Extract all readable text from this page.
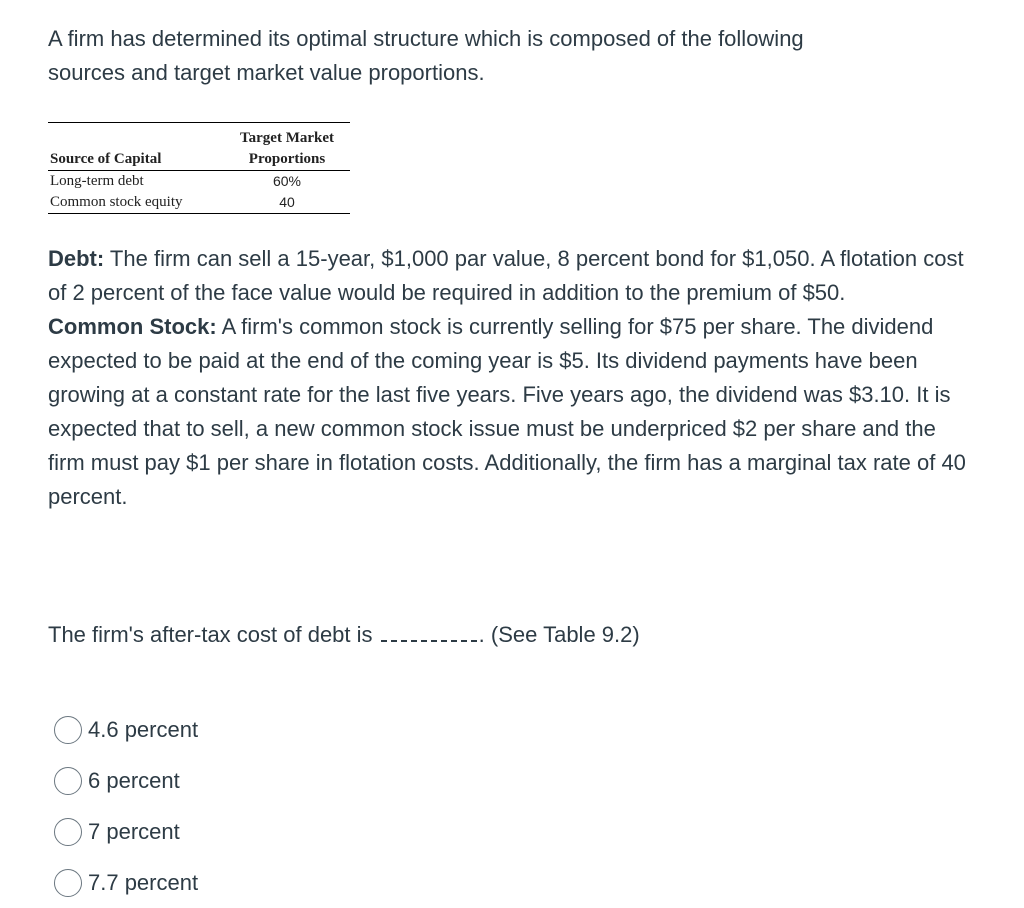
A firm has determined its optimal structure which is composed of the following
sources and target market value proportions.

Source of Capital	Target Market
Proportions
Long-term debt	60%
Common stock equity	40

Debt: The firm can sell a 15-year, $1,000 par value, 8 percent bond for $1,050. A flotation cost of 2 percent of the face value would be required in addition to the premium of $50.

Common Stock: A firm's common stock is currently selling for $75 per share. The dividend expected to be paid at the end of the coming year is $5. Its dividend payments have been growing at a constant rate for the last five years. Five years ago, the dividend was $3.10. It is expected that to sell, a new common stock issue must be underpriced $2 per share and the firm must pay $1 per share in flotation costs. Additionally, the firm has a marginal tax rate of 40 percent.

The firm's after-tax cost of debt is	. (See Table 9.2)
4.6 percent
6 percent
7 percent
7.7 percent
